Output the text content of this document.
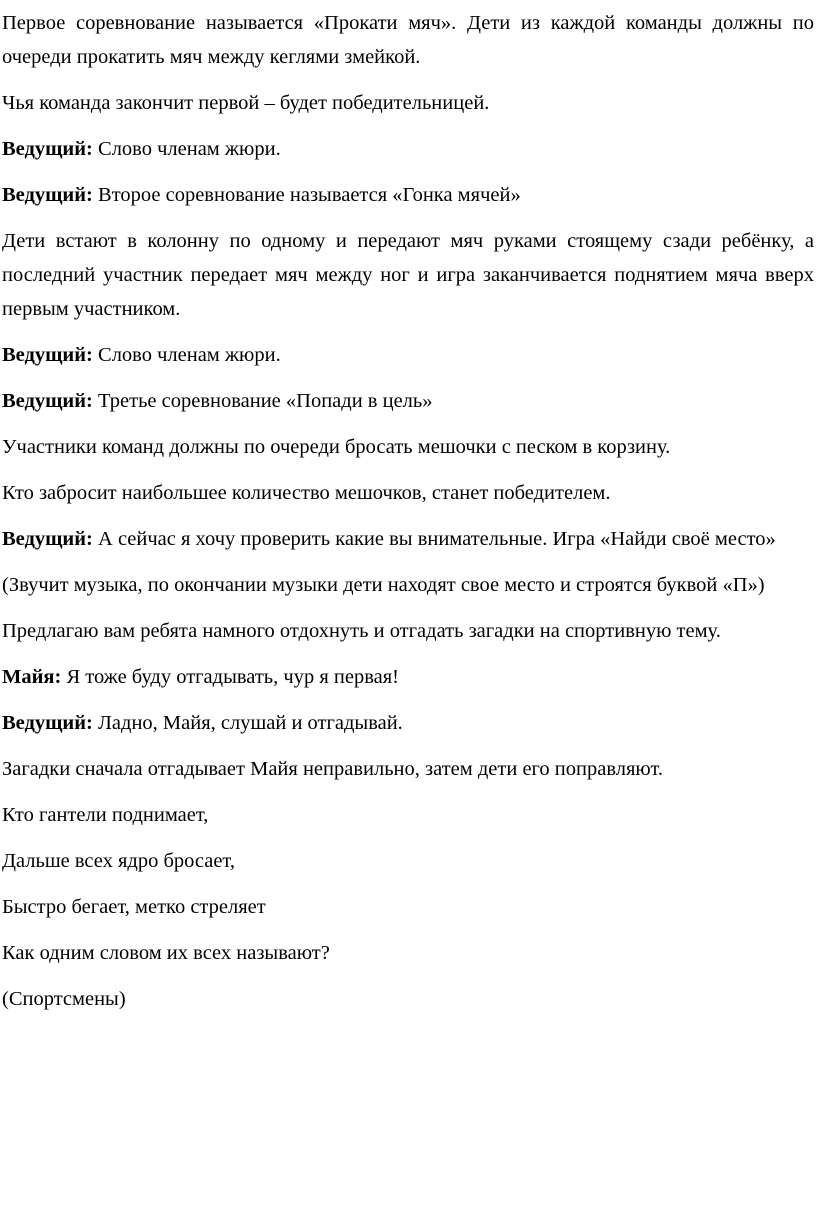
Первое соревнование называется «Прокати мяч». Дети из каждой команды должны по очереди прокатить мяч между кеглями змейкой.

Чья команда закончит первой – будет победительницей.

Ведущий: Слово членам жюри.

Ведущий: Второе соревнование называется «Гонка мячей»

Дети встают в колонну по одному и передают мяч руками стоящему сзади ребёнку, а последний участник передает мяч между ног и игра заканчивается поднятием мяча вверх первым участником.

Ведущий: Слово членам жюри.

Ведущий: Третье соревнование «Попади в цель»

Участники команд должны по очереди бросать мешочки с песком в корзину.

Кто забросит наибольшее количество мешочков, станет победителем.

Ведущий: А сейчас я хочу проверить какие вы внимательные. Игра «Найди своё место»

(Звучит музыка, по окончании музыки дети находят свое место и строятся буквой «П»)

Предлагаю вам ребята намного отдохнуть и отгадать загадки на спортивную тему.

Майя: Я тоже буду отгадывать, чур я первая!

Ведущий: Ладно, Майя, слушай и отгадывай.

Загадки сначала отгадывает Майя неправильно, затем дети его поправляют.

Кто гантели поднимает,

Дальше всех ядро бросает,

Быстро бегает, метко стреляет

Как одним словом их всех называют?

(Спортсмены)
